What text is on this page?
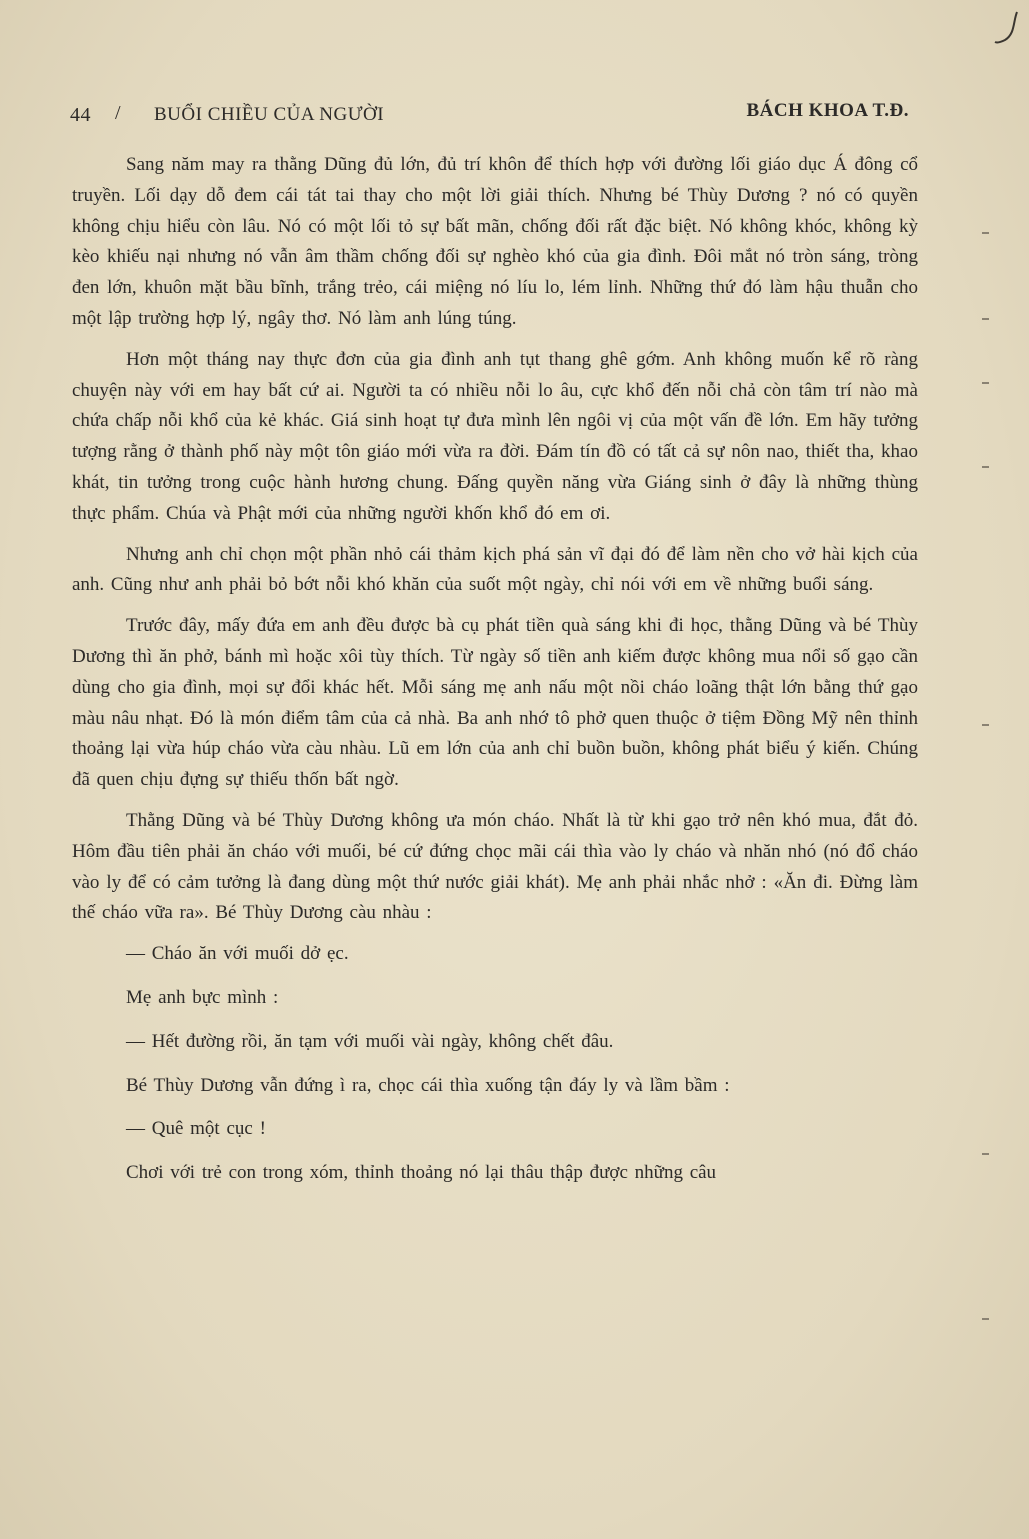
44 / BUỔI CHIỀU CỦA NGƯỜI	BÁCH KHOA T.Đ.

Sang năm may ra thằng Dũng đủ lớn, đủ trí khôn để thích hợp với đường lối giáo dục Á đông cổ truyền. Lối dạy dỗ đem cái tát tai thay cho một lời giải thích. Nhưng bé Thùy Dương ? nó có quyền không chịu hiểu còn lâu. Nó có một lối tỏ sự bất mãn, chống đối rất đặc biệt. Nó không khóc, không kỳ kèo khiếu nại nhưng nó vẫn âm thầm chống đối sự nghèo khó của gia đình. Đôi mắt nó tròn sáng, tròng đen lớn, khuôn mặt bầu bĩnh, trắng trẻo, cái miệng nó líu lo, lém lỉnh. Những thứ đó làm hậu thuẫn cho một lập trường hợp lý, ngây thơ. Nó làm anh lúng túng.

Hơn một tháng nay thực đơn của gia đình anh tụt thang ghê gớm. Anh không muốn kể rõ ràng chuyện này với em hay bất cứ ai. Người ta có nhiều nỗi lo âu, cực khổ đến nỗi chả còn tâm trí nào mà chứa chấp nỗi khổ của kẻ khác. Giá sinh hoạt tự đưa mình lên ngôi vị của một vấn đề lớn. Em hãy tưởng tượng rằng ở thành phố này một tôn giáo mới vừa ra đời. Đám tín đồ có tất cả sự nôn nao, thiết tha, khao khát, tin tưởng trong cuộc hành hương chung. Đấng quyền năng vừa Giáng sinh ở đây là những thùng thực phẩm. Chúa và Phật mới của những người khốn khổ đó em ơi.

Nhưng anh chỉ chọn một phần nhỏ cái thảm kịch phá sản vĩ đại đó để làm nền cho vở hài kịch của anh. Cũng như anh phải bỏ bớt nỗi khó khăn của suốt một ngày, chỉ nói với em về những buổi sáng.

Trước đây, mấy đứa em anh đều được bà cụ phát tiền quà sáng khi đi học, thằng Dũng và bé Thùy Dương thì ăn phở, bánh mì hoặc xôi tùy thích. Từ ngày số tiền anh kiếm được không mua nổi số gạo cần dùng cho gia đình, mọi sự đổi khác hết. Mỗi sáng mẹ anh nấu một nồi cháo loãng thật lớn bằng thứ gạo màu nâu nhạt. Đó là món điểm tâm của cả nhà. Ba anh nhớ tô phở quen thuộc ở tiệm Đồng Mỹ nên thỉnh thoảng lại vừa húp cháo vừa càu nhàu. Lũ em lớn của anh chỉ buồn buồn, không phát biểu ý kiến. Chúng đã quen chịu đựng sự thiếu thốn bất ngờ.

Thằng Dũng và bé Thùy Dương không ưa món cháo. Nhất là từ khi gạo trở nên khó mua, đắt đỏ. Hôm đầu tiên phải ăn cháo với muối, bé cứ đứng chọc mãi cái thìa vào ly cháo và nhăn nhó (nó đổ cháo vào ly để có cảm tưởng là đang dùng một thứ nước giải khát). Mẹ anh phải nhắc nhở : «Ăn đi. Đừng làm thế cháo vữa ra». Bé Thùy Dương càu nhàu :

— Cháo ăn với muối dở ẹc.

Mẹ anh bực mình :

— Hết đường rồi, ăn tạm với muối vài ngày, không chết đâu.

Bé Thùy Dương vẫn đứng ì ra, chọc cái thìa xuống tận đáy ly và lầm bầm :

— Quê một cục !

Chơi với trẻ con trong xóm, thỉnh thoảng nó lại thâu thập được những câu
